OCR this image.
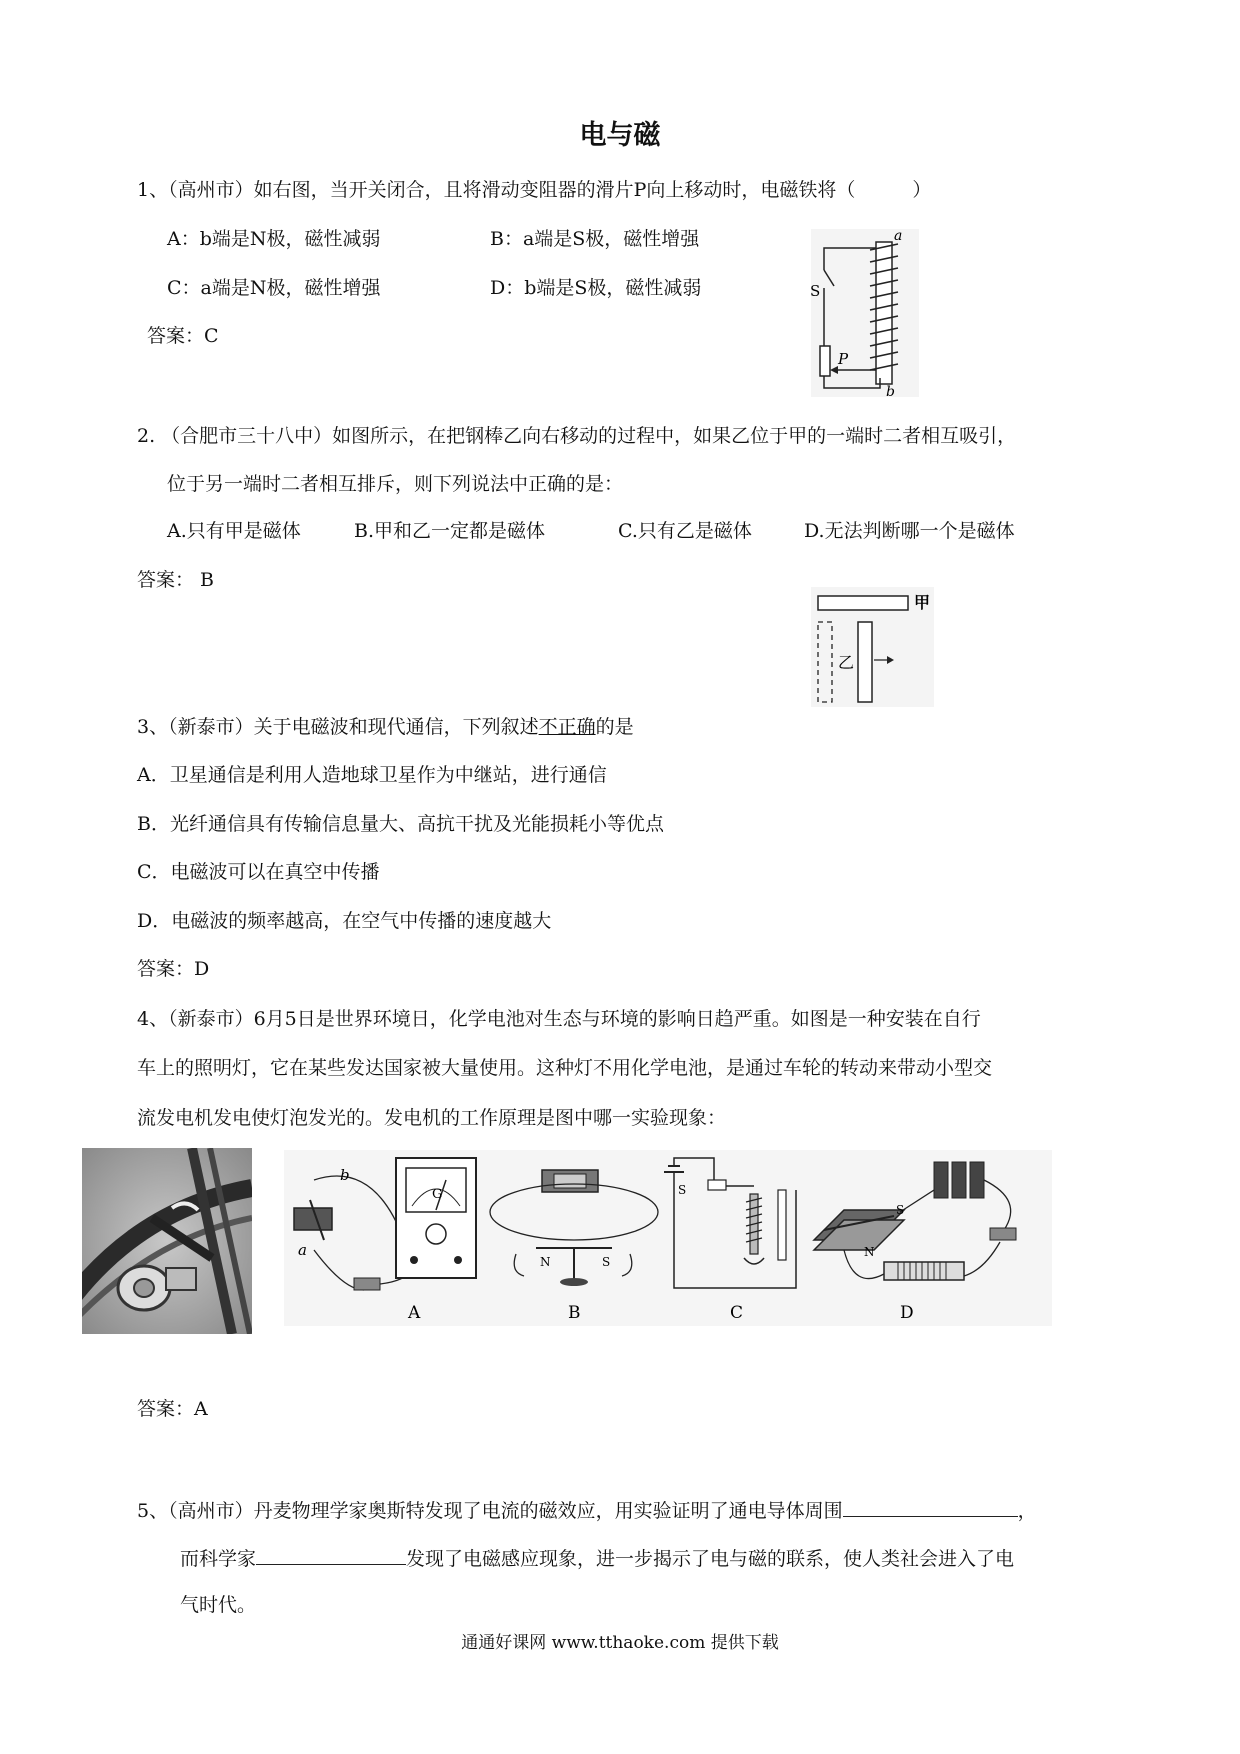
电与磁
1、（高州市）如右图，当开关闭合，且将滑动变阻器的滑片P向上移动时，电磁铁将（　　　）
A：b端是N极，磁性减弱	B：a端是S极，磁性增强
C：a端是N极，磁性增强	D：b端是S极，磁性减弱
答案：C
a
b
S
P
2. （合肥市三十八中）如图所示，在把钢棒乙向右移动的过程中，如果乙位于甲的一端时二者相互吸引，
位于另一端时二者相互排斥，则下列说法中正确的是：
A.只有甲是磁体	B.甲和乙一定都是磁体	C.只有乙是磁体	D.无法判断哪一个是磁体
答案： B
甲
乙
3、（新泰市）关于电磁波和现代通信，下列叙述不正确的是
A．卫星通信是利用人造地球卫星作为中继站，进行通信
B．光纤通信具有传输信息量大、高抗干扰及光能损耗小等优点
C．电磁波可以在真空中传播
D．电磁波的频率越高，在空气中传播的速度越大
答案：D
4、（新泰市）6月5日是世界环境日，化学电池对生态与环境的影响日趋严重。如图是一种安装在自行
车上的照明灯，它在某些发达国家被大量使用。这种灯不用化学电池，是通过车轮的转动来带动小型交
流发电机发电使灯泡发光的。发电机的工作原理是图中哪一实验现象：
G
a
b
A
N	S
B
S
C
S
N
D
答案：A
5、（高州市）丹麦物理学家奥斯特发现了电流的磁效应，用实验证明了通电导体周围	，
而科学家	发现了电磁感应现象，进一步揭示了电与磁的联系，使人类社会进入了电
气时代。
通通好课网 www.tthaoke.com 提供下载
